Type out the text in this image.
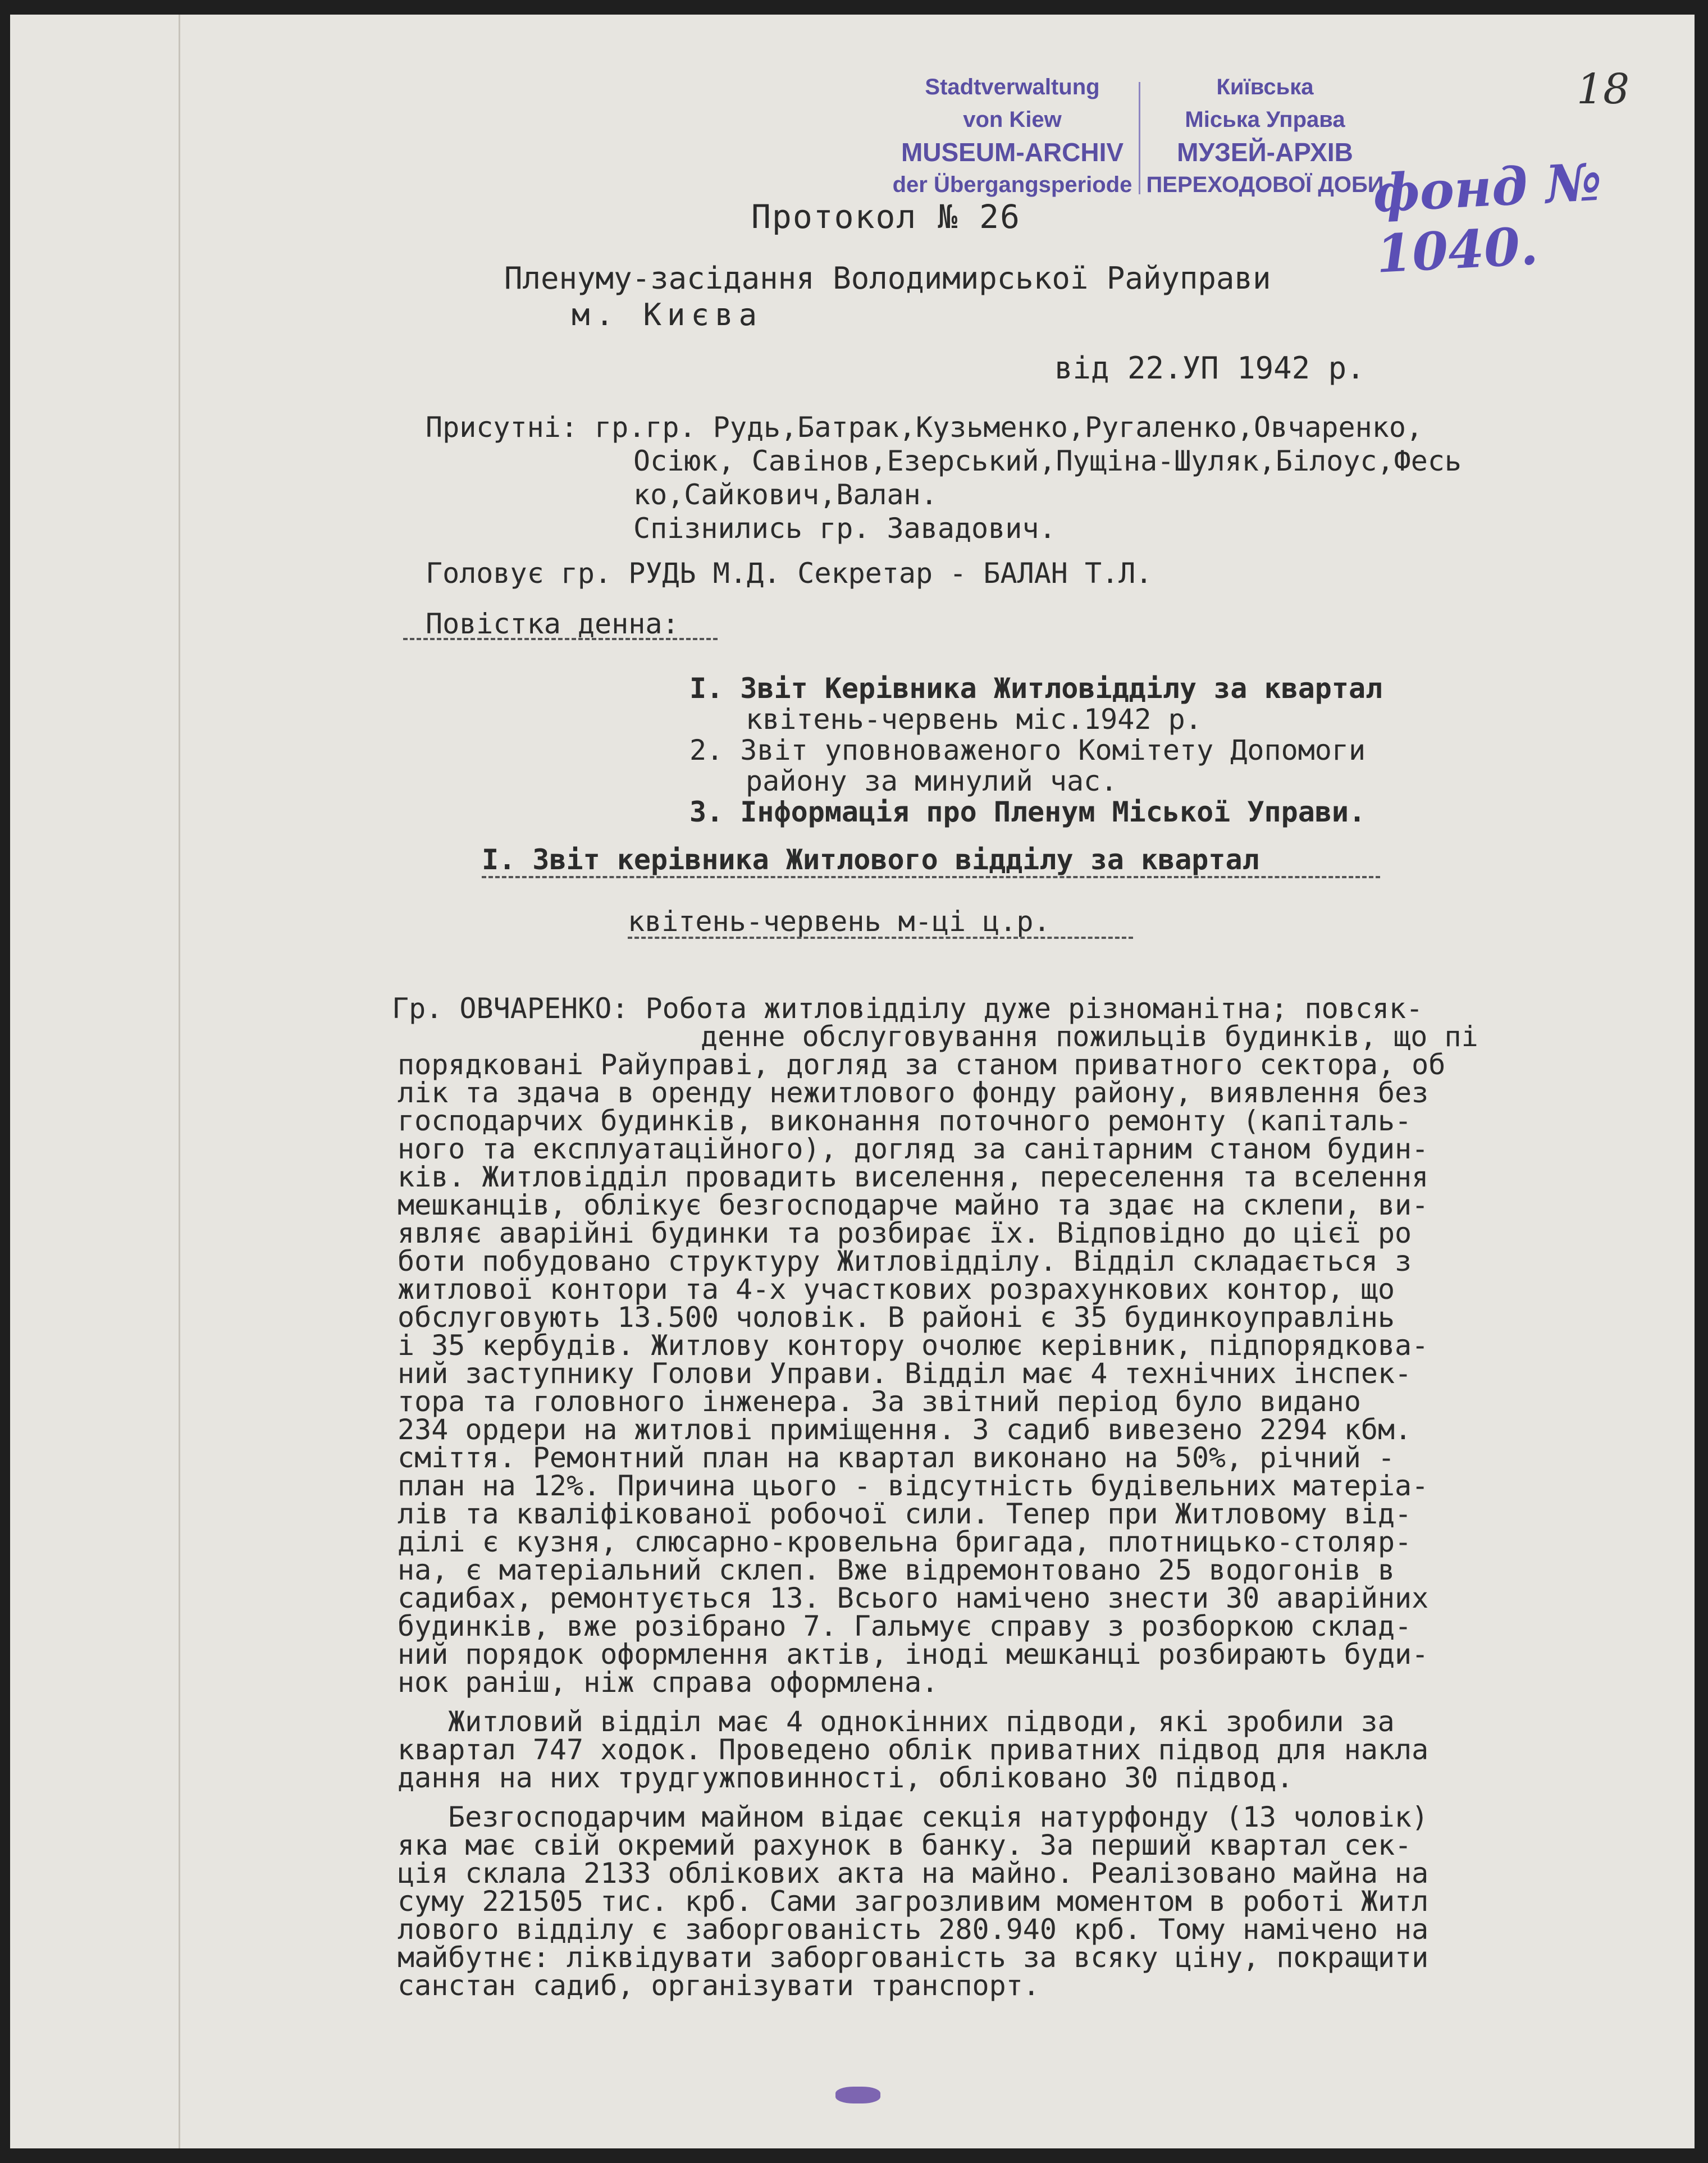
Stadtverwaltung
von Kiew
MUSEUM-ARCHIV
der Übergangsperiode
Київська
Міська Управа
МУЗЕЙ-АРХІВ
ПЕРЕХОДОВОЇ ДОБИ
18
фонд № 1040.
Протокол № 26
Пленуму-засідання Володимирської Райуправи
м. Києва
від 22.УП 1942 р.
Присутні: гр.гр. Рудь,Батрак,Кузьменко,Ругаленко,Овчаренко,
Осіюк, Савінов,Езерський,Пущіна-Шуляк,Білоус,Фесь
ко,Сайкович,Валан.
Спізнились гр. Завадович.
Головує гр. РУДЬ М.Д. Секретар - БАЛАН Т.Л.
Повістка денна:
I. Звіт Керівника Житловідділу за квартал
квітень-червень міс.1942 р.
2. Звіт уповноваженого Комітету Допомоги
району за минулий час.
3. Інформація про Пленум Міської Управи.
I. Звіт керівника Житлового відділу за квартал
квітень-червень м-ці ц.р.
Гр. ОВЧАРЕНКО: Робота житловідділу дуже різноманітна; повсяк-
денне обслуговування пожильців будинків, що пі
порядковані Райуправі, догляд за станом приватного сектора, об
лік та здача в оренду нежитлового фонду району, виявлення без
господарчих будинків, виконання поточного ремонту (капіталь-
ного та експлуатаційного), догляд за санітарним станом будин-
ків. Житловідділ провадить виселення, переселення та вселення
мешканців, облікує безгосподарче майно та здає на склепи, ви-
являє аварійні будинки та розбирає їх. Відповідно до цієї ро
боти побудовано структуру Житловідділу. Відділ складається з
житлової контори та 4-х участкових розрахункових контор, що
обслуговують 13.500 чоловік. В районі є 35 будинкоуправлінь
і 35 кербудів. Житлову контору очолює керівник, підпорядкова-
ний заступнику Голови Управи. Відділ має 4 технічних інспек-
тора та головного інженера. За звітний період було видано
234 ордери на житлові приміщення. З садиб вивезено 2294 кбм.
сміття. Ремонтний план на квартал виконано на 50%, річний -
план на 12%. Причина цього - відсутність будівельних матеріа-
лів та кваліфікованої робочої сили. Тепер при Житловому від-
ділі є кузня, слюсарно-кровельна бригада, плотницько-столяр-
на, є матеріальний склеп. Вже відремонтовано 25 водогонів в
садибах, ремонтується 13. Всього намічено знести 30 аварійних
будинків, вже розібрано 7. Гальмує справу з розборкою склад-
ний порядок оформлення актів, іноді мешканці розбирають буди-
нок раніш, ніж справа оформлена.
Житловий відділ має 4 однокінних підводи, які зробили за
квартал 747 ходок. Проведено облік приватних підвод для накла
дання на них трудгужповинності, обліковано 30 підвод.
Безгосподарчим майном відає секція натурфонду (13 чоловік)
яка має свій окремий рахунок в банку. За перший квартал сек-
ція склала 2133 облікових акта на майно. Реалізовано майна на
суму 221505 тис. крб. Сами загрозливим моментом в роботі Житл
лового відділу є заборгованість 280.940 крб. Тому намічено на
майбутнє: ліквідувати заборгованість за всяку ціну, покращити
санстан садиб, організувати транспорт.
